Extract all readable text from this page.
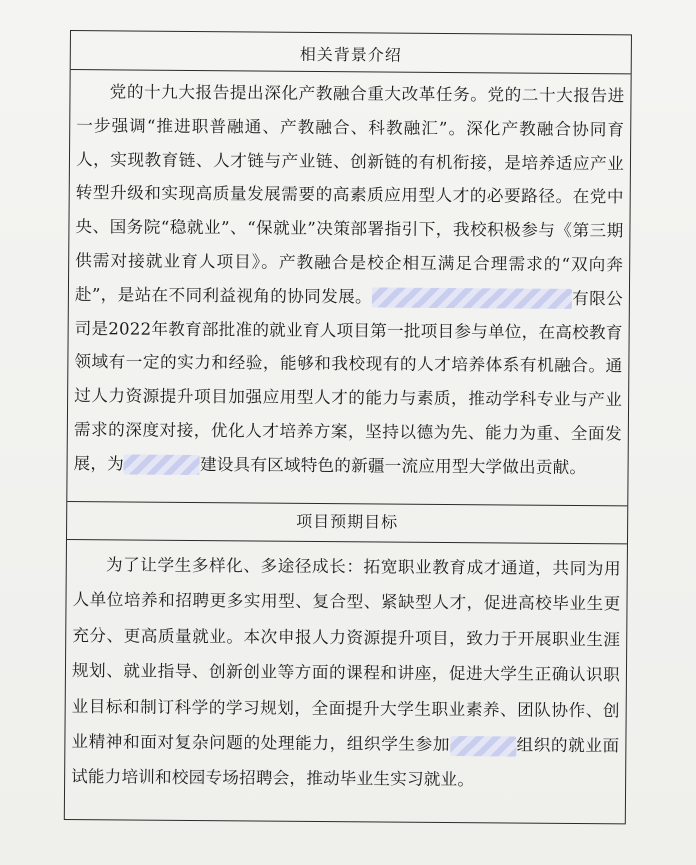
相关背景介绍
党的十九大报告提出深化产教融合重大改革任务。党的二十大报告进一步强调“推进职普融通、产教融合、科教融汇”。深化产教融合协同育人，实现教育链、人才链与产业链、创新链的有机衔接，是培养适应产业转型升级和实现高质量发展需要的高素质应用型人才的必要路径。在党中央、国务院“稳就业”、“保就业”决策部署指引下，我校积极参与《第三期供需对接就业育人项目》。产教融合是校企相互满足合理需求的“双向奔赴”，是站在不同利益视角的协同发展。	有限公司是2022年教育部批准的就业育人项目第一批项目参与单位，在高校教育领域有一定的实力和经验，能够和我校现有的人才培养体系有机融合。通过人力资源提升项目加强应用型人才的能力与素质，推动学科专业与产业需求的深度对接，优化人才培养方案，坚持以德为先、能力为重、全面发展，为	建设具有区域特色的新疆一流应用型大学做出贡献。
项目预期目标
为了让学生多样化、多途径成长：拓宽职业教育成才通道，共同为用人单位培养和招聘更多实用型、复合型、紧缺型人才，促进高校毕业生更充分、更高质量就业。本次申报人力资源提升项目，致力于开展职业生涯规划、就业指导、创新创业等方面的课程和讲座，促进大学生正确认识职业目标和制订科学的学习规划，全面提升大学生职业素养、团队协作、创业精神和面对复杂问题的处理能力，组织学生参加	组织的就业面试能力培训和校园专场招聘会，推动毕业生实习就业。
